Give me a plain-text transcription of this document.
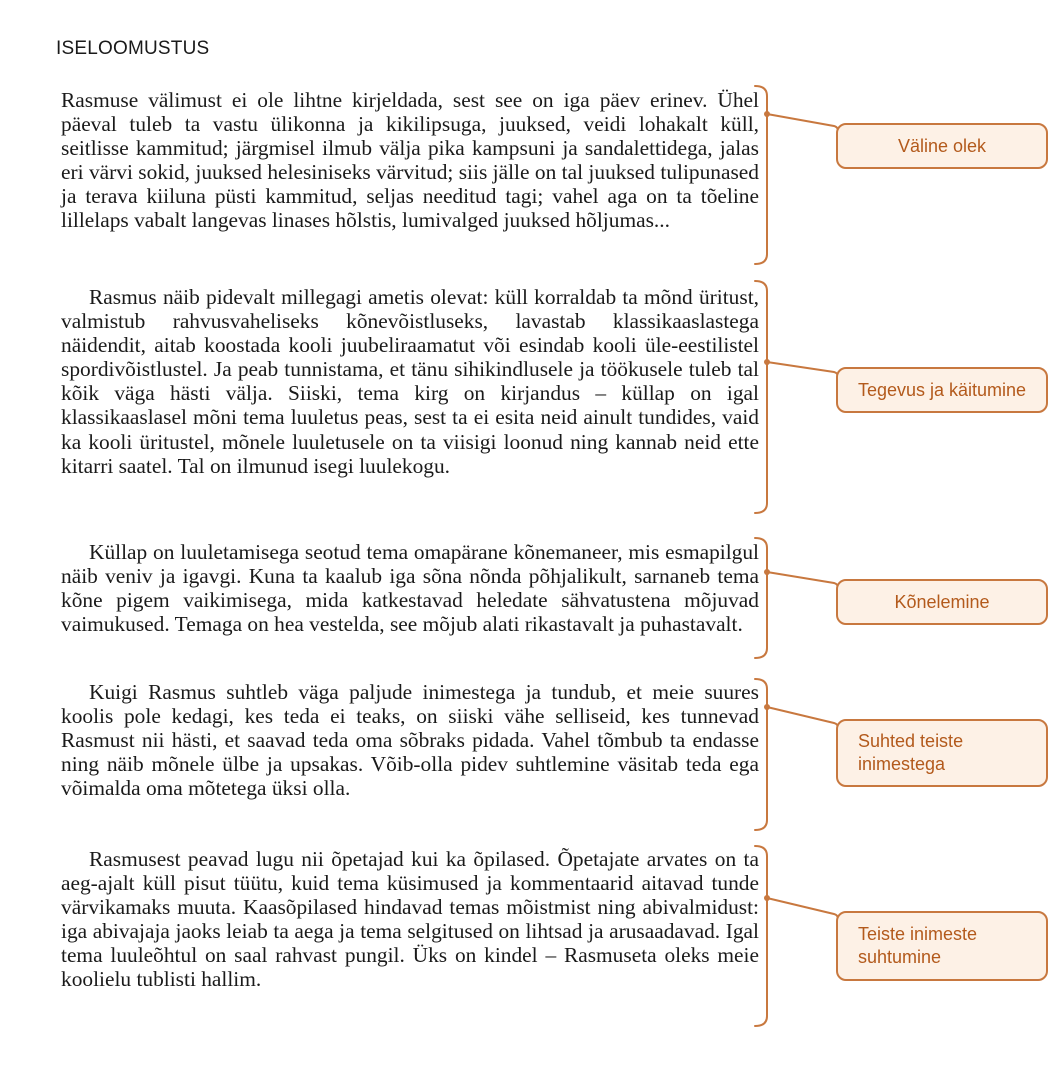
ISELOOMUSTUS

Rasmuse välimust ei ole lihtne kirjeldada, sest see on iga päev erinev. Ühel päeval tuleb ta vastu ülikonna ja kikilipsuga, juuksed, veidi lohakalt küll, seitlisse kammitud; järgmisel ilmub välja pika kampsuni ja sandalettidega, jalas eri värvi sokid, juuksed helesiniseks värvitud; siis jälle on tal juuksed tulipunased ja terava kiiluna püsti kammitud, seljas needitud tagi; vahel aga on ta tõeline lillelaps vabalt langevas linases hõlstis, lumivalged juuksed hõljumas...

Rasmus näib pidevalt millegagi ametis olevat: küll korraldab ta mõnd üritust, valmistub rahvusvaheliseks kõnevõistluseks, lavastab klassikaaslastega näidendit, aitab koostada kooli juubeliraamatut või esindab kooli üle-eestilistel spordivõistlustel. Ja peab tunnistama, et tänu sihikindlusele ja töökusele tuleb tal kõik väga hästi välja. Siiski, tema kirg on kirjandus – küllap on igal klassikaaslasel mõni tema luuletus peas, sest ta ei esita neid ainult tundides, vaid ka kooli üritustel, mõnele luuletusele on ta viisigi loonud ning kannab neid ette kitarri saatel. Tal on ilmunud isegi luulekogu.

Küllap on luuletamisega seotud tema omapärane kõnemaneer, mis esmapilgul näib veniv ja igavgi. Kuna ta kaalub iga sõna nõnda põhjalikult, sarnaneb tema kõne pigem vaikimisega, mida katkestavad heledate sähvatustena mõjuvad vaimukused. Temaga on hea vestelda, see mõjub alati rikastavalt ja puhastavalt.

Kuigi Rasmus suhtleb väga paljude inimestega ja tundub, et meie suures koolis pole kedagi, kes teda ei teaks, on siiski vähe selliseid, kes tunnevad Rasmust nii hästi, et saavad teda oma sõbraks pidada. Vahel tõmbub ta endasse ning näib mõnele ülbe ja upsakas. Võib-olla pidev suhtlemine väsitab teda ega võimalda oma mõtetega üksi olla.

Rasmusest peavad lugu nii õpetajad kui ka õpilased. Õpetajate arvates on ta aeg-ajalt küll pisut tüütu, kuid tema küsimused ja kommentaarid aitavad tunde värvikamaks muuta. Kaasõpilased hindavad temas mõistmist ning abivalmidust: iga abivajaja jaoks leiab ta aega ja tema selgitused on lihtsad ja arusaadavad. Igal tema luuleõhtul on saal rahvast pungil. Üks on kindel – Rasmuseta oleks meie koolielu tublisti hallim.

Väline olek
Tegevus ja käitumine
Kõnelemine
Suhted teiste inimestega
Teiste inimeste suhtumine
